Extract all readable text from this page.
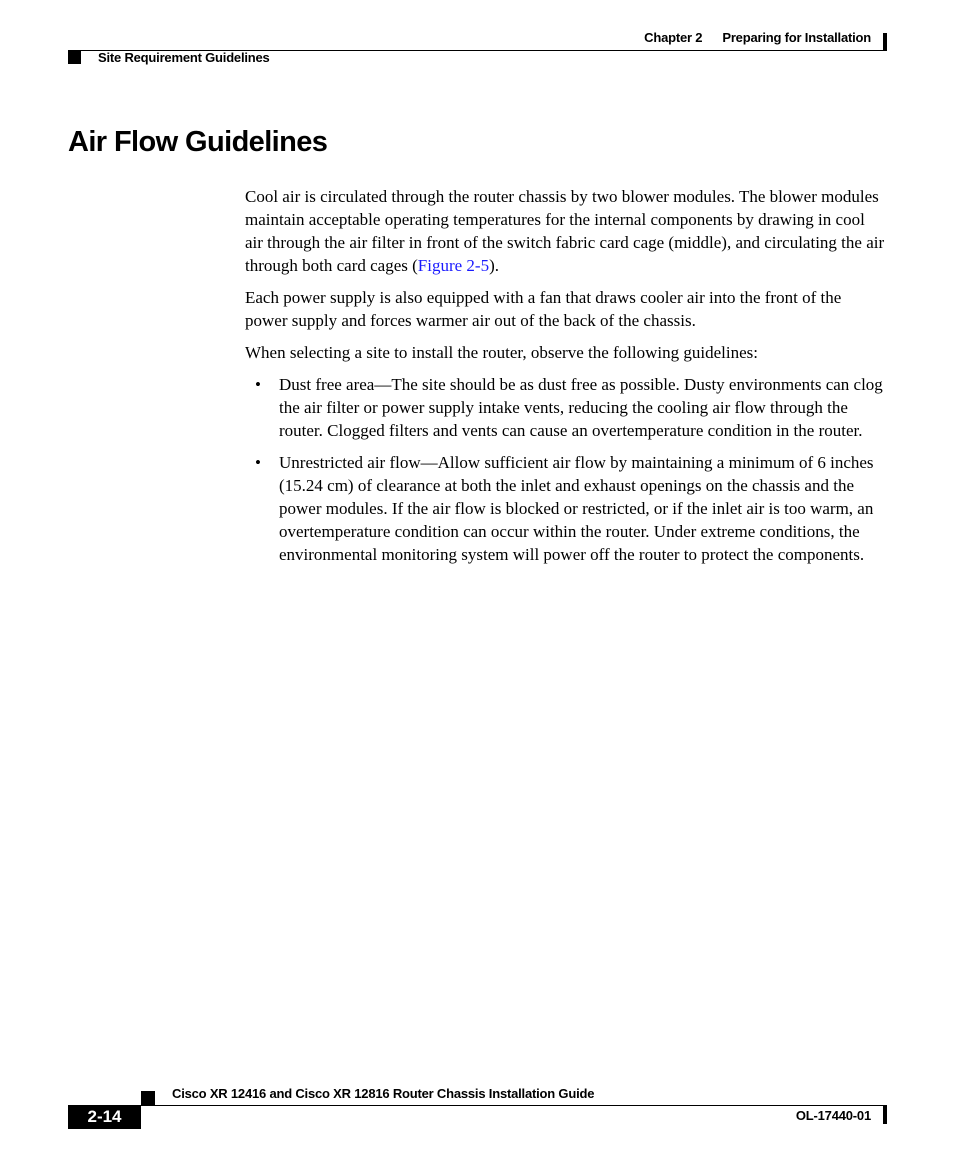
Chapter 2 Preparing for Installation
Site Requirement Guidelines
Air Flow Guidelines

Cool air is circulated through the router chassis by two blower modules. The blower modules maintain acceptable operating temperatures for the internal components by drawing in cool air through the air filter in front of the switch fabric card cage (middle), and circulating the air through both card cages (Figure 2-5).

Each power supply is also equipped with a fan that draws cooler air into the front of the power supply and forces warmer air out of the back of the chassis.

When selecting a site to install the router, observe the following guidelines:

• Dust free area—The site should be as dust free as possible. Dusty environments can clog the air filter or power supply intake vents, reducing the cooling air flow through the router. Clogged filters and vents can cause an overtemperature condition in the router.
• Unrestricted air flow—Allow sufficient air flow by maintaining a minimum of 6 inches (15.24 cm) of clearance at both the inlet and exhaust openings on the chassis and the power modules. If the air flow is blocked or restricted, or if the inlet air is too warm, an overtemperature condition can occur within the router. Under extreme conditions, the environmental monitoring system will power off the router to protect the components.
Cisco XR 12416 and Cisco XR 12816 Router Chassis Installation Guide
2-14	OL-17440-01
